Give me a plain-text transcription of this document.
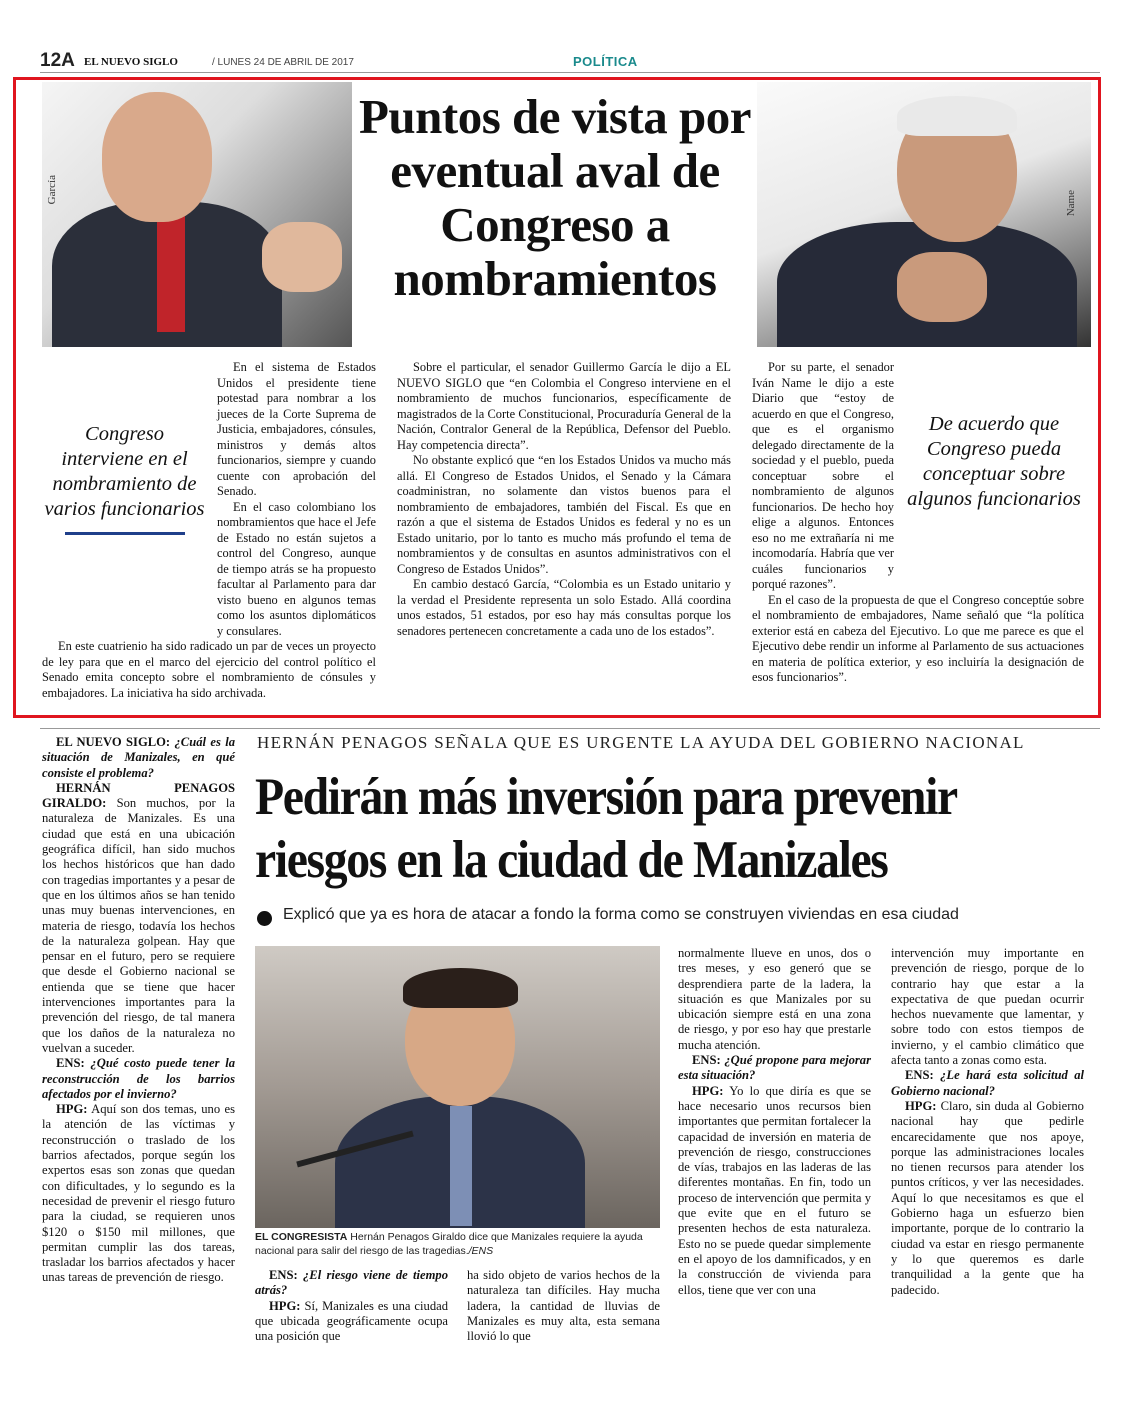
12A EL NUEVO SIGLO	/ LUNES 24 DE ABRIL DE 2017	POLÍTICA
García	Name
Puntos de vista por eventual aval de Congreso a nombramientos
Congreso interviene en el nombramiento de varios funcionarios

En el sistema de Estados Unidos el presidente tiene potestad para nombrar a los jueces de la Corte Suprema de Justicia, embajadores, cónsules, ministros y demás altos funcionarios, siempre y cuando cuente con aprobación del Senado.

En el caso colombiano los nombramientos que hace el Jefe de Estado no están sujetos a control del Congreso, aunque de tiempo atrás se ha propuesto facultar al Parlamento para dar visto bueno en algunos temas como los asuntos diplomáticos y consulares.

En este cuatrienio ha sido radicado un par de veces un proyecto de ley para que en el marco del ejercicio del control político el Senado emita concepto sobre el nombramiento de cónsules y embajadores. La iniciativa ha sido archivada.

Sobre el particular, el senador Guillermo García le dijo a EL NUEVO SIGLO que “en Colombia el Congreso interviene en el nombramiento de muchos funcionarios, específicamente de magistrados de la Corte Constitucional, Procuraduría General de la Nación, Contralor General de la República, Defensor del Pueblo. Hay competencia directa”.

No obstante explicó que “en los Estados Unidos va mucho más allá. El Congreso de Estados Unidos, el Senado y la Cámara coadministran, no solamente dan vistos buenos para el nombramiento de embajadores, también del Fiscal. Es que en razón a que el sistema de Estados Unidos es federal y no es un Estado unitario, por lo tanto es mucho más profundo el tema de nombramientos y de consultas en asuntos administrativos con el Congreso de Estados Unidos”.

En cambio destacó García, “Colombia es un Estado unitario y la verdad el Presidente representa un solo Estado. Allá coordina unos estados, 51 estados, por eso hay más consultas porque los senadores pertenecen concretamente a cada uno de los estados”.

De acuerdo que Congreso pueda conceptuar sobre algunos funcionarios

Por su parte, el senador Iván Name le dijo a este Diario que “estoy de acuerdo en que el Congreso, que es el organismo delegado directamente de la sociedad y el pueblo, pueda conceptuar sobre el nombramiento de algunos funcionarios. De hecho hoy elige a algunos. Entonces eso no me extrañaría ni me incomodaría. Habría que ver cuáles funcionarios y porqué razones”.

En el caso de la propuesta de que el Congreso conceptúe sobre el nombramiento de embajadores, Name señaló que “la política exterior está en cabeza del Ejecutivo. Lo que me parece es que el Ejecutivo debe rendir un informe al Parlamento de sus actuaciones en materia de política exterior, y eso incluiría la designación de esos funcionarios”.

EL NUEVO SIGLO: ¿Cuál es la situación de Manizales, en qué consiste el problema?

HERNÁN PENAGOS GIRALDO: Son muchos, por la naturaleza de Manizales. Es una ciudad que está en una ubicación geográfica difícil, han sido muchos los hechos históricos que han dado con tragedias importantes y a pesar de que en los últimos años se han tenido unas muy buenas intervenciones, en materia de riesgo, todavía los hechos de la naturaleza golpean. Hay que pensar en el futuro, pero se requiere que desde el Gobierno nacional se entienda que se tiene que hacer intervenciones importantes para la prevención del riesgo, de tal manera que los daños de la naturaleza no vuelvan a suceder.

ENS: ¿Qué costo puede tener la reconstrucción de los barrios afectados por el invierno?

HPG: Aquí son dos temas, uno es la atención de las víctimas y reconstrucción o traslado de los barrios afectados, porque según los expertos esas son zonas que quedan con dificultades, y lo segundo es la necesidad de prevenir el riesgo futuro para la ciudad, se requieren unos $120 o $150 mil millones, que permitan cumplir las dos tareas, trasladar los barrios afectados y hacer unas tareas de prevención de riesgo.

HERNÁN PENAGOS SEÑALA QUE ES URGENTE LA AYUDA DEL GOBIERNO NACIONAL
Pedirán más inversión para prevenir
riesgos en la ciudad de Manizales
Explicó que ya es hora de atacar a fondo la forma como se construyen viviendas en esa ciudad
EL CONGRESISTA Hernán Penagos Giraldo dice que Manizales requiere la ayuda nacional para salir del riesgo de las tragedias./ENS

ENS: ¿El riesgo viene de tiempo atrás?

HPG: Sí, Manizales es una ciudad que ubicada geográficamente ocupa una posición que

ha sido objeto de varios hechos de la naturaleza tan difíciles. Hay mucha ladera, la cantidad de lluvias de Manizales es muy alta, esta semana llovió lo que

normalmente llueve en unos, dos o tres meses, y eso generó que se desprendiera parte de la ladera, la situación es que Manizales por su ubicación siempre está en una zona de riesgo, y por eso hay que prestarle mucha atención.

ENS: ¿Qué propone para mejorar esta situación?

HPG: Yo lo que diría es que se hace necesario unos recursos bien importantes que permitan fortalecer la capacidad de inversión en materia de prevención de riesgo, construcciones de vías, trabajos en las laderas de las diferentes montañas. En fin, todo un proceso de intervención que permita y que evite que en el futuro se presenten hechos de esta naturaleza. Esto no se puede quedar simplemente en el apoyo de los damnificados, y en la construcción de vivienda para ellos, tiene que ver con una

intervención muy importante en prevención de riesgo, porque de lo contrario hay que estar a la expectativa de que puedan ocurrir hechos nuevamente que lamentar, y sobre todo con estos tiempos de invierno, y el cambio climático que afecta tanto a zonas como esta.

ENS: ¿Le hará esta solicitud al Gobierno nacional?

HPG: Claro, sin duda al Gobierno nacional hay que pedirle encarecidamente que nos apoye, porque las administraciones locales no tienen recursos para atender los puntos críticos, y ver las necesidades. Aquí lo que necesitamos es que el Gobierno haga un esfuerzo bien importante, porque de lo contrario la ciudad va estar en riesgo permanente y lo que queremos es darle tranquilidad a la gente que ha padecido.
